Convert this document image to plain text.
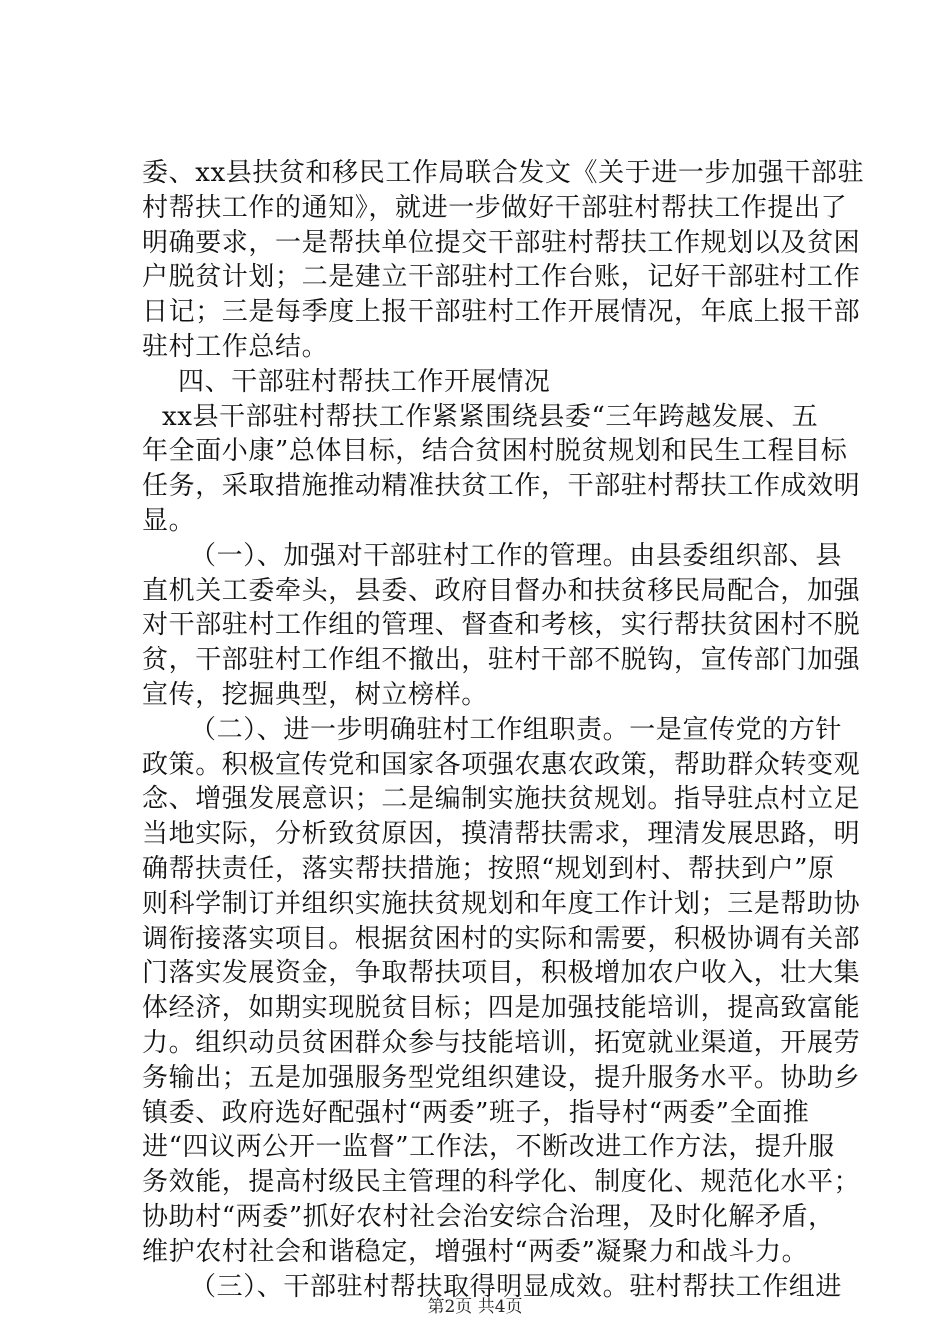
委、xx县扶贫和移民工作局联合发文《关于进一步加强干部驻
村帮扶工作的通知》，就进一步做好干部驻村帮扶工作提出了
明确要求，一是帮扶单位提交干部驻村帮扶工作规划以及贫困
户脱贫计划；二是建立干部驻村工作台账，记好干部驻村工作
日记；三是每季度上报干部驻村工作开展情况，年底上报干部
驻村工作总结。
四、干部驻村帮扶工作开展情况
xx县干部驻村帮扶工作紧紧围绕县委“三年跨越发展、五
年全面小康”总体目标，结合贫困村脱贫规划和民生工程目标
任务，采取措施推动精准扶贫工作，干部驻村帮扶工作成效明
显。
（一）、加强对干部驻村工作的管理。由县委组织部、县
直机关工委牵头，县委、政府目督办和扶贫移民局配合，加强
对干部驻村工作组的管理、督查和考核，实行帮扶贫困村不脱
贫，干部驻村工作组不撤出，驻村干部不脱钩，宣传部门加强
宣传，挖掘典型，树立榜样。
（二）、进一步明确驻村工作组职责。一是宣传党的方针
政策。积极宣传党和国家各项强农惠农政策，帮助群众转变观
念、增强发展意识；二是编制实施扶贫规划。指导驻点村立足
当地实际，分析致贫原因，摸清帮扶需求，理清发展思路，明
确帮扶责任，落实帮扶措施；按照“规划到村、帮扶到户”原
则科学制订并组织实施扶贫规划和年度工作计划；三是帮助协
调衔接落实项目。根据贫困村的实际和需要，积极协调有关部
门落实发展资金，争取帮扶项目，积极增加农户收入，壮大集
体经济，如期实现脱贫目标；四是加强技能培训，提高致富能
力。组织动员贫困群众参与技能培训，拓宽就业渠道，开展劳
务输出；五是加强服务型党组织建设，提升服务水平。协助乡
镇委、政府选好配强村“两委”班子，指导村“两委”全面推
进“四议两公开一监督”工作法，不断改进工作方法，提升服
务效能，提高村级民主管理的科学化、制度化、规范化水平；
协助村“两委”抓好农村社会治安综合治理，及时化解矛盾，
维护农村社会和谐稳定，增强村“两委”凝聚力和战斗力。
（三）、干部驻村帮扶取得明显成效。驻村帮扶工作组进
第2页 共4页
